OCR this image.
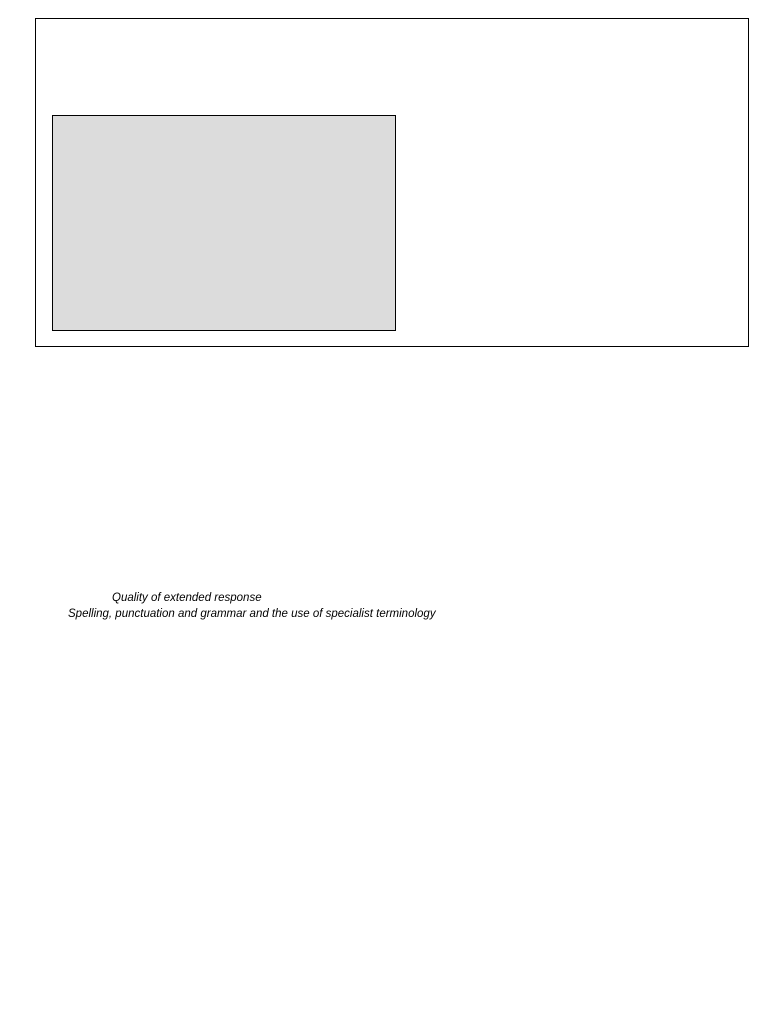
Quality of extended response
Spelling, punctuation and grammar and the use of specialist terminology
